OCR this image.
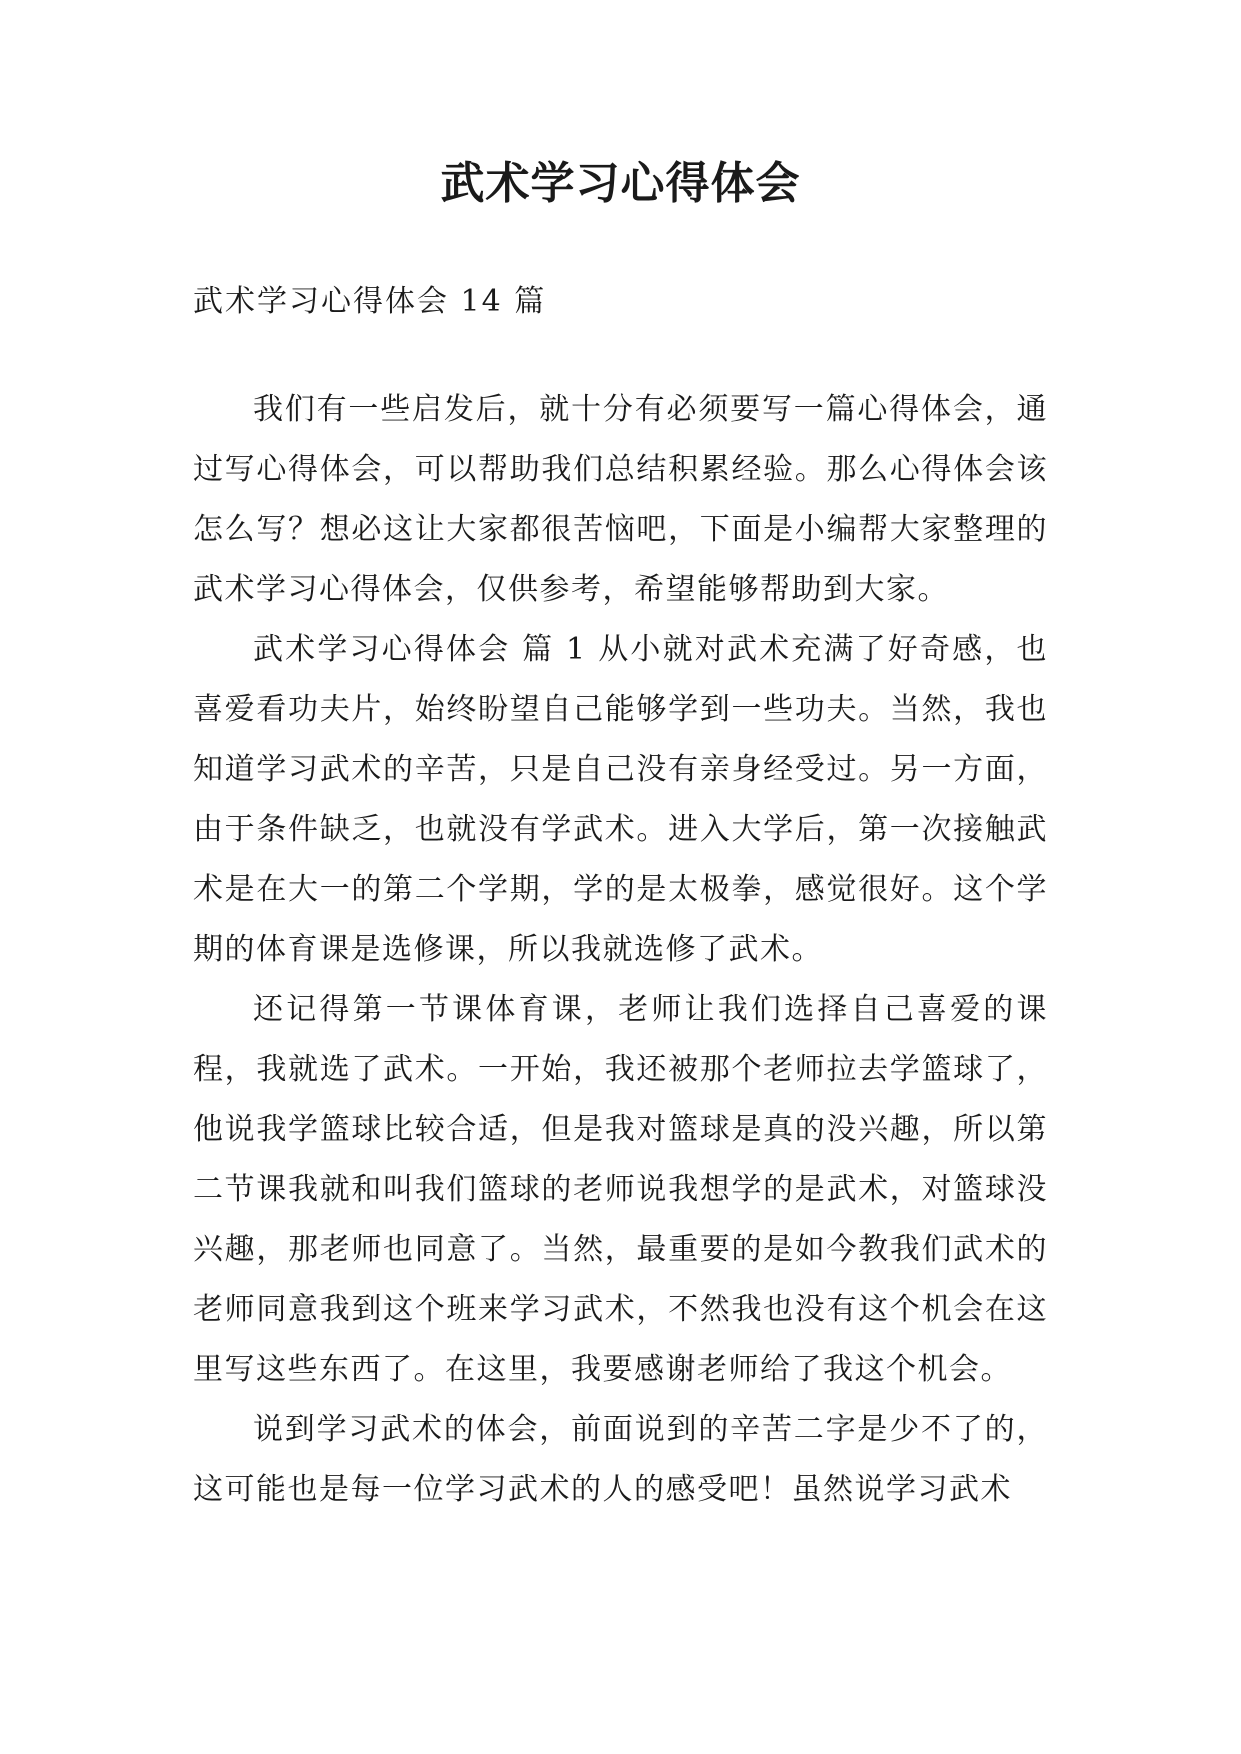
武术学习心得体会

武术学习心得体会 14 篇

我们有一些启发后，就十分有必须要写一篇心得体会，通过写心得体会，可以帮助我们总结积累经验。那么心得体会该怎么写？想必这让大家都很苦恼吧，下面是小编帮大家整理的武术学习心得体会，仅供参考，希望能够帮助到大家。

武术学习心得体会 篇 1 从小就对武术充满了好奇感，也喜爱看功夫片，始终盼望自己能够学到一些功夫。当然，我也知道学习武术的辛苦，只是自己没有亲身经受过。另一方面，由于条件缺乏，也就没有学武术。进入大学后，第一次接触武术是在大一的第二个学期，学的是太极拳，感觉很好。这个学期的体育课是选修课，所以我就选修了武术。

还记得第一节课体育课，老师让我们选择自己喜爱的课程，我就选了武术。一开始，我还被那个老师拉去学篮球了，他说我学篮球比较合适，但是我对篮球是真的没兴趣，所以第二节课我就和叫我们篮球的老师说我想学的是武术，对篮球没兴趣，那老师也同意了。当然，最重要的是如今教我们武术的老师同意我到这个班来学习武术，不然我也没有这个机会在这里写这些东西了。在这里，我要感谢老师给了我这个机会。

说到学习武术的体会，前面说到的辛苦二字是少不了的，这可能也是每一位学习武术的人的感受吧！虽然说学习武术
